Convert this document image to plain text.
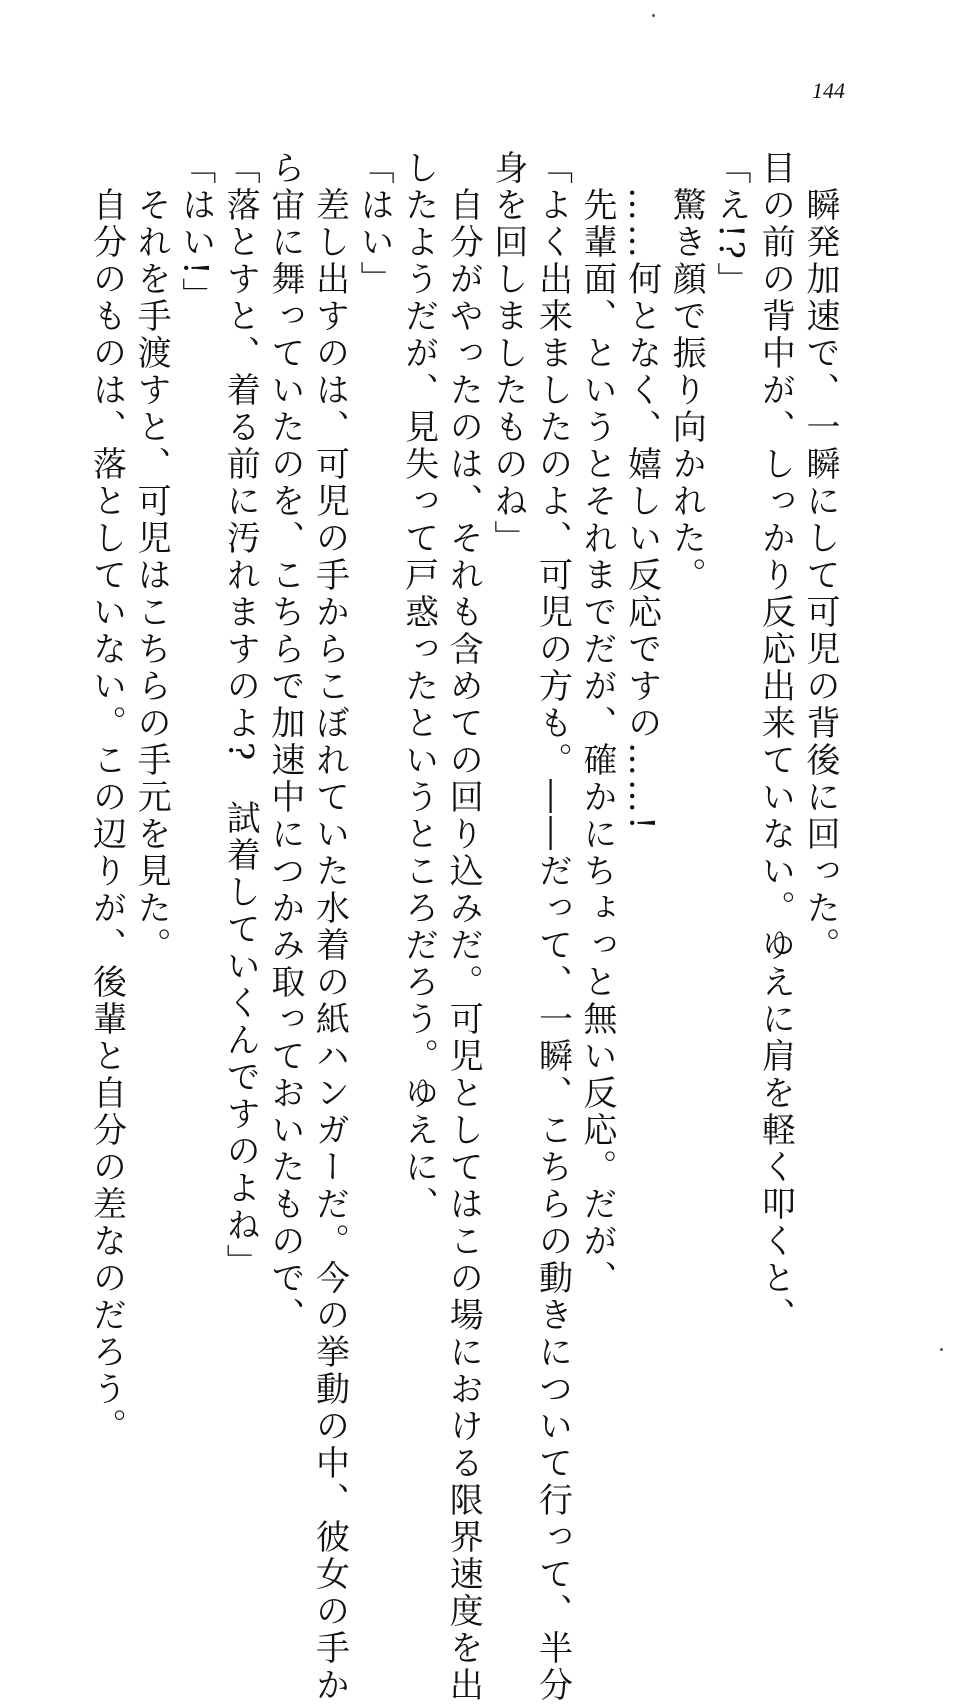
144

　瞬発加速で、一瞬にして可児の背後に回った。

目の前の背中が、しっかり反応出来ていない。ゆえに肩を軽く叩くと、

「え!?」

　驚き顔で振り向かれた。

　……何となく、嬉しい反応ですの……!

　先輩面、というとそれまでだが、確かにちょっと無い反応。だが、

「よく出来ましたのよ、可児の方も。――だって、一瞬、こちらの動きについて行って、半分

身を回しましたものね」

　自分がやったのは、それも含めての回り込みだ。可児としてはこの場における限界速度を出

したようだが、見失って戸惑ったというところだろう。ゆえに、

「はい」

　差し出すのは、可児の手からこぼれていた水着の紙ハンガーだ。今の挙動の中、彼女の手か

ら宙に舞っていたのを、こちらで加速中につかみ取っておいたもので、

「落とすと、着る前に汚れますのよ?　試着していくんですのよね」

「はい!」

　それを手渡すと、可児はこちらの手元を見た。

　自分のものは、落としていない。この辺りが、後輩と自分の差なのだろう。
